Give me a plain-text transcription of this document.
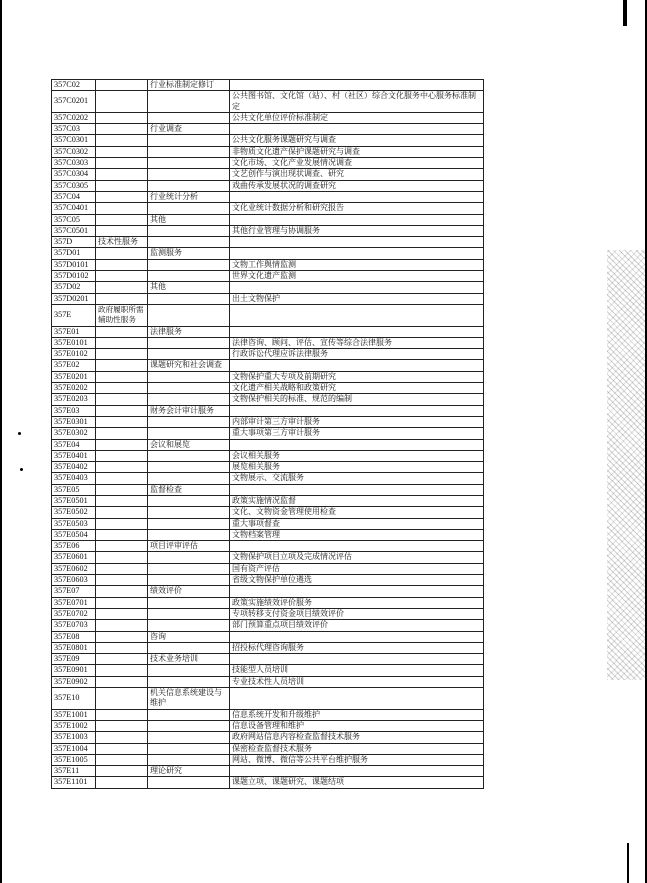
357C02		行业标准制定修订	
357C0201			公共图书馆、文化馆（站）、村（社区）综合文化服务中心服务标准制定
357C0202			公共文化单位评价标准制定
357C03		行业调查	
357C0301			公共文化服务课题研究与调查
357C0302			非物质文化遗产保护课题研究与调查
357C0303			文化市场、文化产业发展情况调查
357C0304			文艺创作与演出现状调查、研究
357C0305			戏曲传承发展状况的调查研究
357C04		行业统计分析	
357C0401			文化业统计数据分析和研究报告
357C05		其他	
357C0501			其他行业管理与协调服务
357D	技术性服务		
357D01		监测服务	
357D0101			文物工作舆情监测
357D0102			世界文化遗产监测
357D02		其他	
357D0201			出土文物保护
357E	政府履职所需辅助性服务		
357E01		法律服务	
357E0101			法律咨询、顾问、评估、宣传等综合法律服务
357E0102			行政诉讼代理应诉法律服务
357E02		课题研究和社会调查	
357E0201			文物保护重大专项及前期研究
357E0202			文化遗产相关战略和政策研究
357E0203			文物保护相关的标准、规范的编制
357E03		财务会计审计服务	
357E0301			内部审计第三方审计服务
357E0302			重大事项第三方审计服务
357E04		会议和展览	
357E0401			会议相关服务
357E0402			展览相关服务
357E0403			文物展示、交流服务
357E05		监督检查	
357E0501			政策实施情况监督
357E0502			文化、文物资金管理使用检查
357E0503			重大事项督查
357E0504			文物档案管理
357E06		项目评审评估	
357E0601			文物保护项目立项及完成情况评估
357E0602			国有资产评估
357E0603			省级文物保护单位遴选
357E07		绩效评价	
357E0701			政策实施绩效评价服务
357E0702			专项转移支付资金项目绩效评价
357E0703			部门预算重点项目绩效评价
357E08		咨询	
357E0801			招投标代理咨询服务
357E09		技术业务培训	
357E0901			技能型人员培训
357E0902			专业技术性人员培训
357E10		机关信息系统建设与维护	
357E1001			信息系统开发和升级维护
357E1002			信息设备管理和维护
357E1003			政府网站信息内容检查监督技术服务
357E1004			保密检查监督技术服务
357E1005			网站、微博、微信等公共平台维护服务
357E11		理论研究	
357E1101			课题立项、课题研究、课题结项
